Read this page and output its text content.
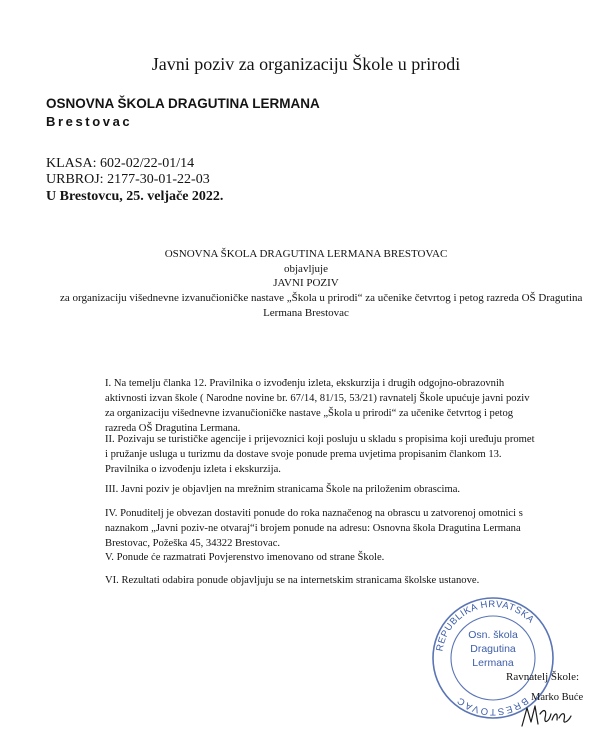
Javni poziv za organizaciju Škole u prirodi
OSNOVNA ŠKOLA DRAGUTINA LERMANA
Brestovac
KLASA: 602-02/22-01/14
URBROJ: 2177-30-01-22-03
U Brestovcu, 25. veljače 2022.
OSNOVNA ŠKOLA DRAGUTINA LERMANA BRESTOVAC
objavljuje
JAVNI POZIV
za organizaciju višednevne izvanučioničke nastave „Škola u prirodi“ za učenike četvrtog i petog razreda OŠ Dragutina
Lermana Brestovac
I. Na temelju članka 12. Pravilnika o izvođenju izleta, ekskurzija i drugih odgojno-obrazovnih aktivnosti izvan škole ( Narodne novine br. 67/14, 81/15, 53/21) ravnatelj Škole upućuje javni poziv za organizaciju višednevne izvanučioničke nastave „Škola u prirodi“ za učenike četvrtog i petog razreda OŠ Dragutina Lermana.
II. Pozivaju se turističke agencije i prijevoznici koji posluju u skladu s propisima koji uređuju promet i pružanje usluga u turizmu da dostave svoje ponude prema uvjetima propisanim člankom 13. Pravilnika o izvođenju izleta i ekskurzija.
III. Javni poziv je objavljen na mrežnim stranicama Škole na priloženim obrascima.
IV. Ponuditelj je obvezan dostaviti ponude do roka naznačenog na obrascu u zatvorenoj omotnici s naznakom „Javni poziv-ne otvaraj“i brojem ponude na adresu: Osnovna škola Dragutina Lermana Brestovac, Požeška 45, 34322 Brestovac.
V. Ponude će razmatrati Povjerenstvo imenovano od strane Škole.
VI. Rezultati odabira ponude objavljuju se na internetskim stranicama školske ustanove.
REPUBLIKA HRVATSKA
BRESTOVAC
Osn. škola
Dragutina
Lermana
Ravnatelj Škole:
Marko Buće
